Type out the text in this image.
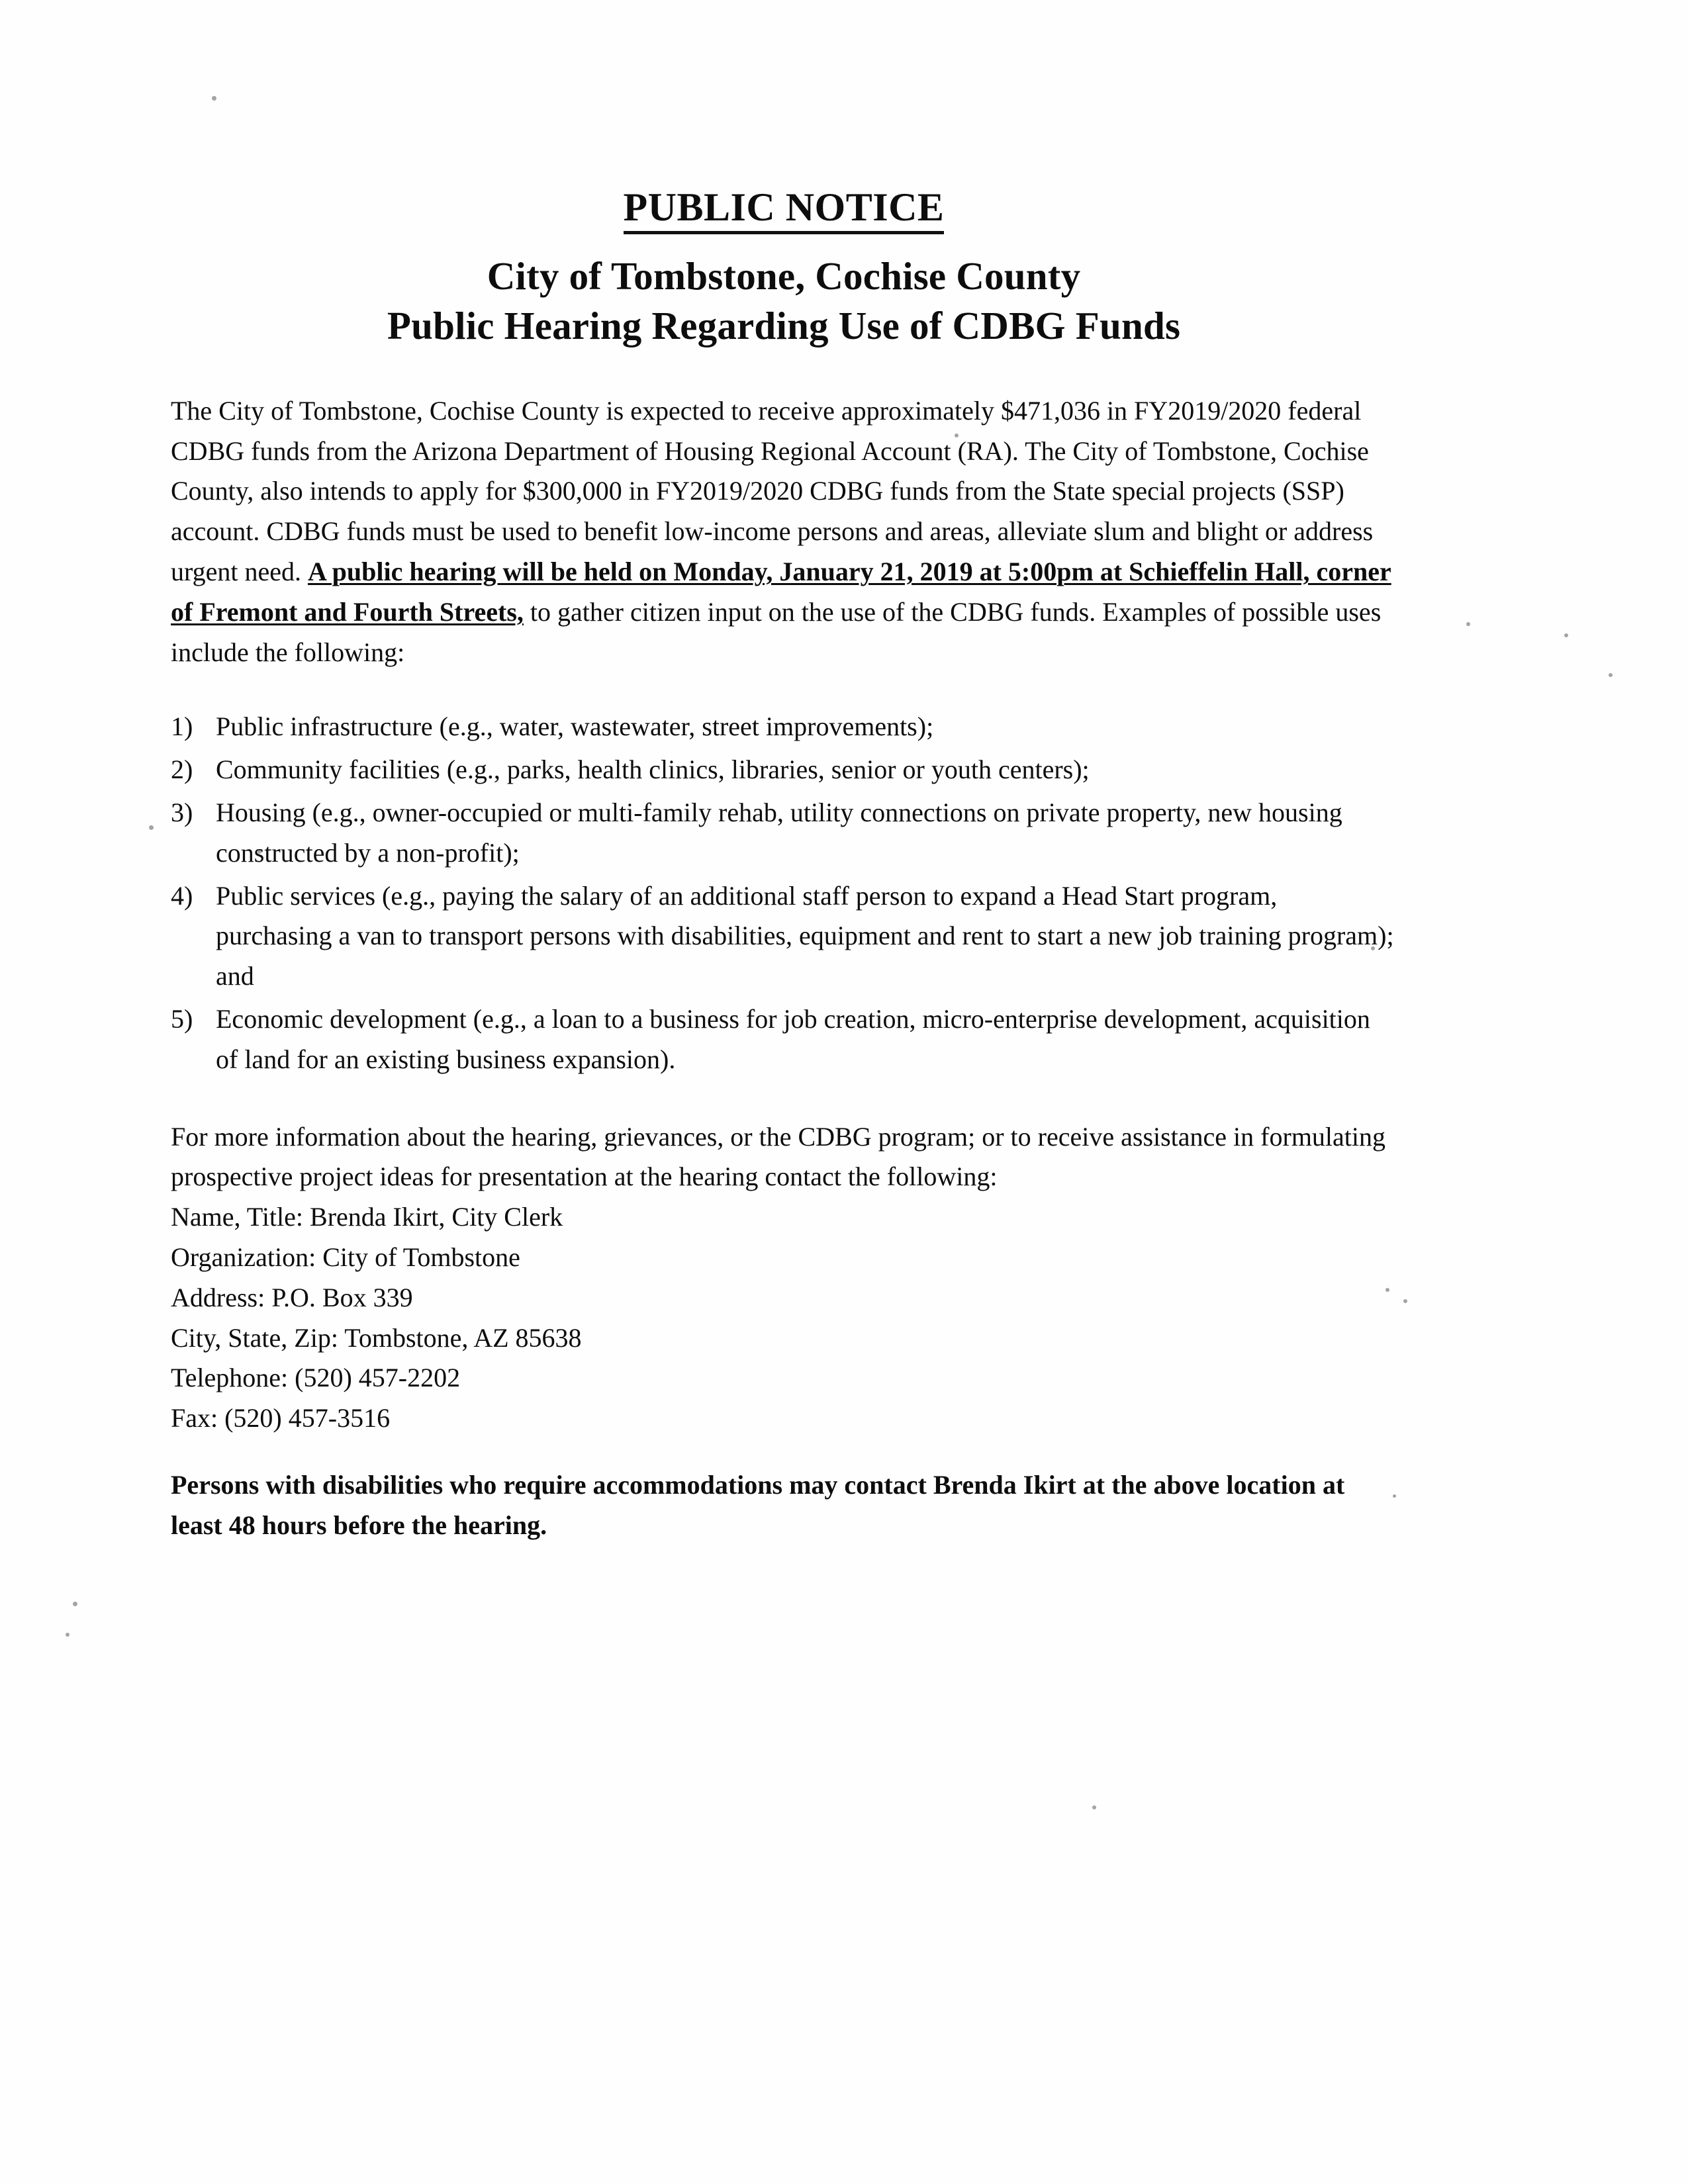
PUBLIC NOTICE
City of Tombstone, Cochise County
Public Hearing Regarding Use of CDBG Funds

The City of Tombstone, Cochise County is expected to receive approximately $471,036 in FY2019/2020 federal CDBG funds from the Arizona Department of Housing Regional Account (RA). The City of Tombstone, Cochise County, also intends to apply for $300,000 in FY2019/2020 CDBG funds from the State special projects (SSP) account. CDBG funds must be used to benefit low-income persons and areas, alleviate slum and blight or address urgent need. A public hearing will be held on Monday, January 21, 2019 at 5:00pm at Schieffelin Hall, corner of Fremont and Fourth Streets, to gather citizen input on the use of the CDBG funds. Examples of possible uses include the following:

1) Public infrastructure (e.g., water, wastewater, street improvements);
2) Community facilities (e.g., parks, health clinics, libraries, senior or youth centers);
3) Housing (e.g., owner-occupied or multi-family rehab, utility connections on private property, new housing constructed by a non-profit);
4) Public services (e.g., paying the salary of an additional staff person to expand a Head Start program, purchasing a van to transport persons with disabilities, equipment and rent to start a new job training program); and
5) Economic development (e.g., a loan to a business for job creation, micro-enterprise development, acquisition of land for an existing business expansion).

For more information about the hearing, grievances, or the CDBG program; or to receive assistance in formulating prospective project ideas for presentation at the hearing contact the following:

Name, Title: Brenda Ikirt, City Clerk
Organization: City of Tombstone
Address: P.O. Box 339
City, State, Zip: Tombstone, AZ 85638
Telephone: (520) 457-2202
Fax: (520) 457-3516

Persons with disabilities who require accommodations may contact Brenda Ikirt at the above location at least 48 hours before the hearing.
